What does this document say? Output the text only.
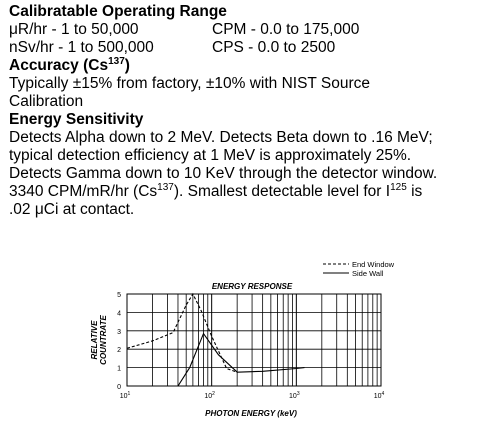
Calibratable Operating Range

μR/hr - 1 to 50,000	CPM - 0.0 to 175,000
nSv/hr - 1 to 500,000	CPS - 0.0 to 2500

Accuracy (Cs$^{137}$)

Typically ±15% from factory, ±10% with NIST Source

Calibration

Energy Sensitivity

Detects Alpha down to 2 MeV. Detects Beta down to .16 MeV;

typical detection efficiency at 1 MeV is approximately 25%.

Detects Gamma down to 10 KeV through the detector window.

3340 CPM/mR/hr (Cs$^{137}$). Smallest detectable level for $I^{125}$ is

.02 μCi at contact.

0
1
2
3
4
5
$10^1$	$10^2$	$10^3$	$10^4$
ENERGY RESPONSE
PHOTON ENERGY (keV)
RELATIVECOUNTRATE
End Window
Side Wall
